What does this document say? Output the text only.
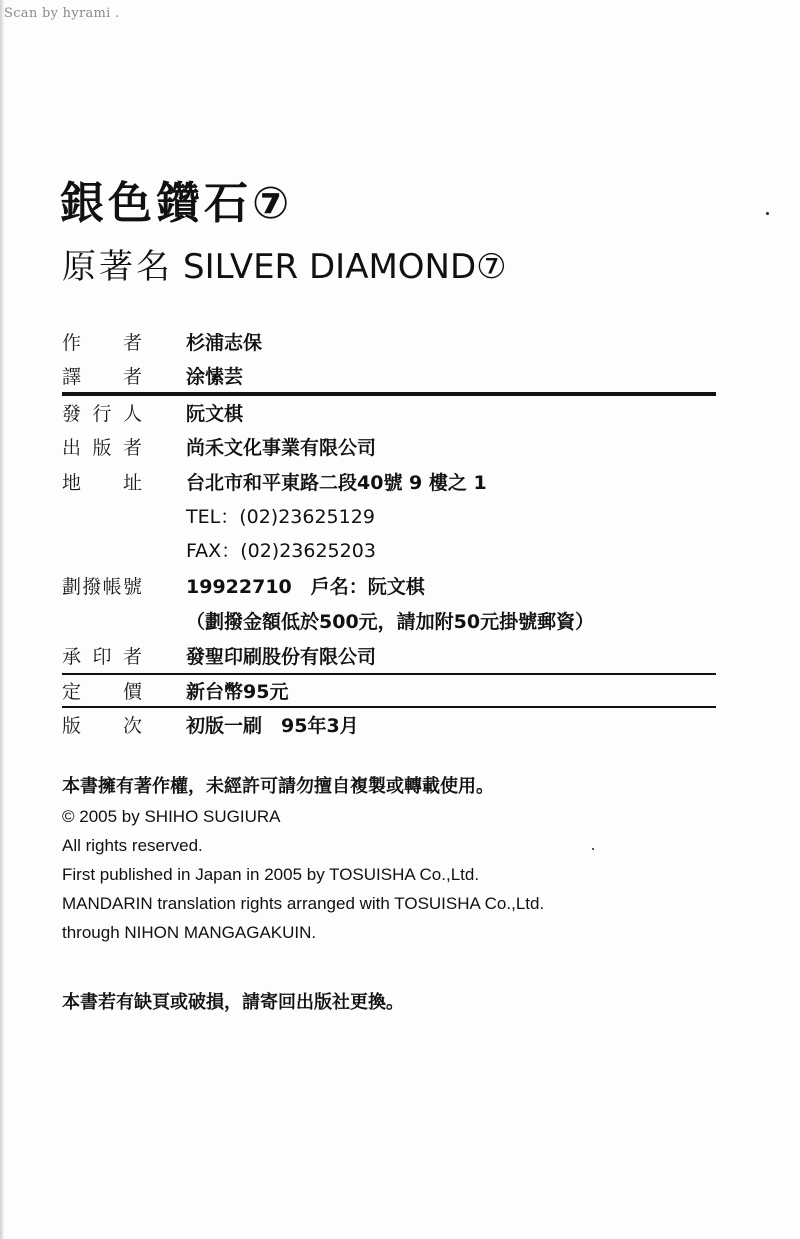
Scan by hyrami .
銀色鑽石⑦
原著名 SILVER DIAMOND⑦
作 者 杉浦志保
譯 者 涂愫芸
發 行 人 阮文棋
出 版 者 尚禾文化事業有限公司
地 址 台北市和平東路二段40號 9 樓之 1
TEL：(02)23625129
FAX：(02)23625203
劃 撥 帳 號 19922710　戶名：阮文棋
（劃撥金額低於500元，請加附50元掛號郵資）
承 印 者 發聖印刷股份有限公司
定 價 新台幣95元
版 次 初版一刷　95年3月
本書擁有著作權，未經許可請勿擅自複製或轉載使用。
© 2005 by SHIHO SUGIURA
All rights reserved.
First published in Japan in 2005 by TOSUISHA Co.,Ltd.
MANDARIN translation rights arranged with TOSUISHA Co.,Ltd.
through NIHON MANGAGAKUIN.
本書若有缺頁或破損，請寄回出版社更換。
